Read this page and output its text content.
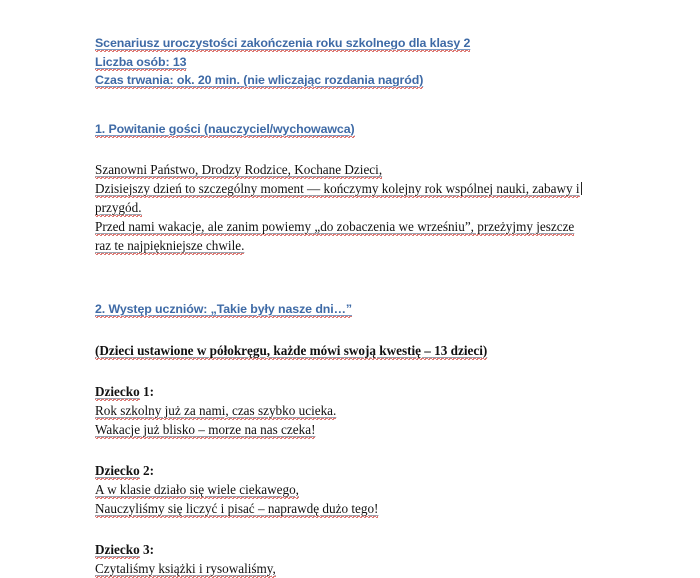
Scenariusz uroczystości zakończenia roku szkolnego dla klasy 2
Liczba osób: 13
Czas trwania: ok. 20 min. (nie wliczając rozdania nagród)
1. Powitanie gości (nauczyciel/wychowawca)
Szanowni Państwo, Drodzy Rodzice, Kochane Dzieci,
Dzisiejszy dzień to szczególny moment — kończymy kolejny rok wspólnej nauki, zabawy i
przygód.
Przed nami wakacje, ale zanim powiemy „do zobaczenia we wrześniu”, przeżyjmy jeszcze
raz te najpiękniejsze chwile.
2. Występ uczniów: „Takie były nasze dni…”
(Dzieci ustawione w półokręgu, każde mówi swoją kwestię – 13 dzieci)
Dziecko 1:
Rok szkolny już za nami, czas szybko ucieka.
Wakacje już blisko – morze na nas czeka!
Dziecko 2:
A w klasie działo się wiele ciekawego,
Nauczyliśmy się liczyć i pisać – naprawdę dużo tego!
Dziecko 3:
Czytaliśmy książki i rysowaliśmy,
